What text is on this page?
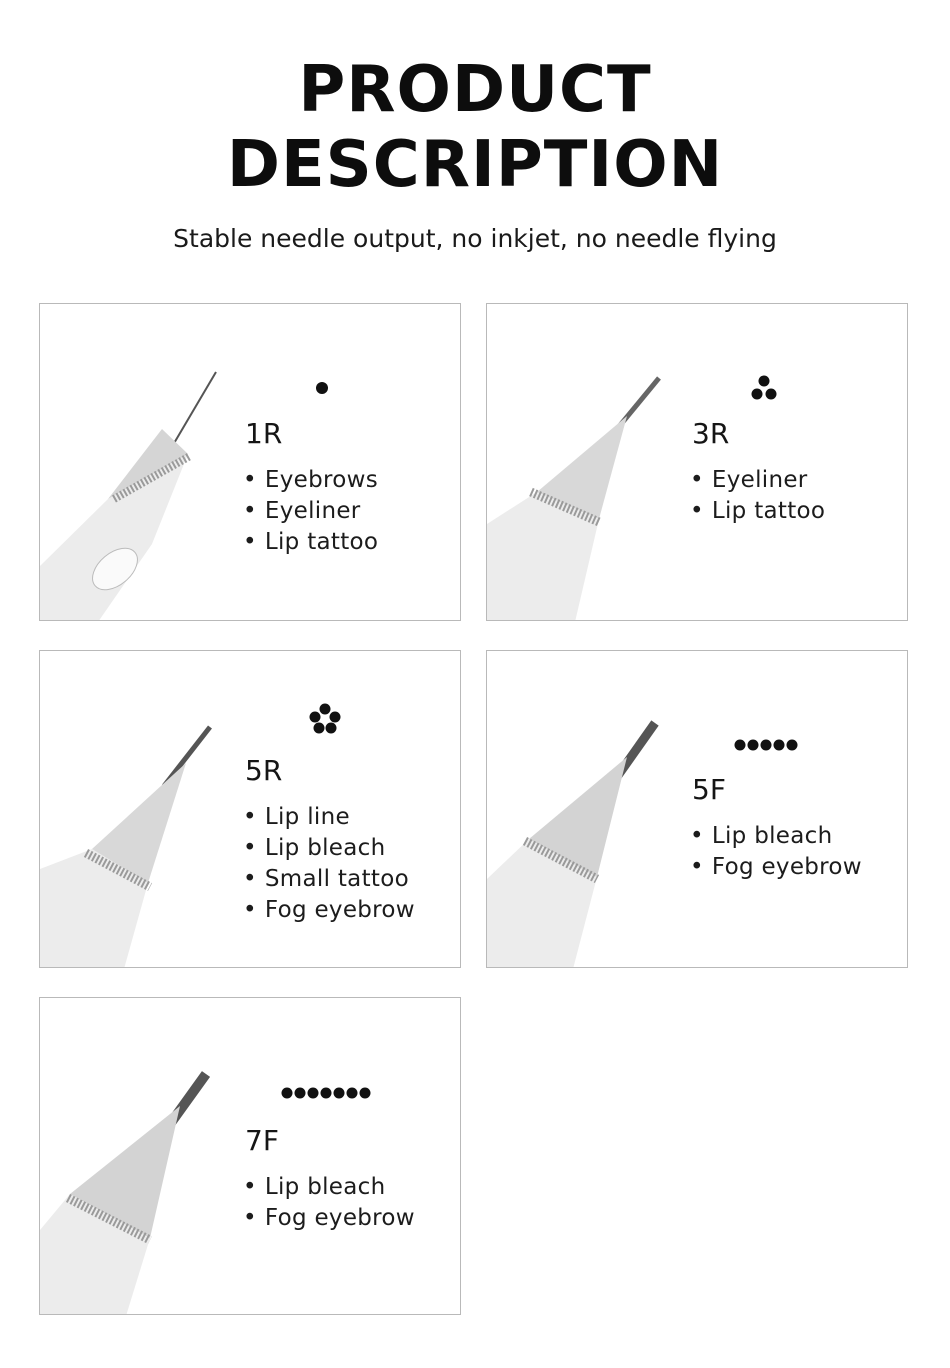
PRODUCT
DESCRIPTION

Stable needle output, no inkjet, no needle flying

1R

• Eyebrows
• Eyeliner
• Lip tattoo

3R

• Eyeliner
• Lip tattoo

5R

• Lip line
• Lip bleach
• Small tattoo
• Fog eyebrow

5F

• Lip bleach
• Fog eyebrow

7F

• Lip bleach
• Fog eyebrow
